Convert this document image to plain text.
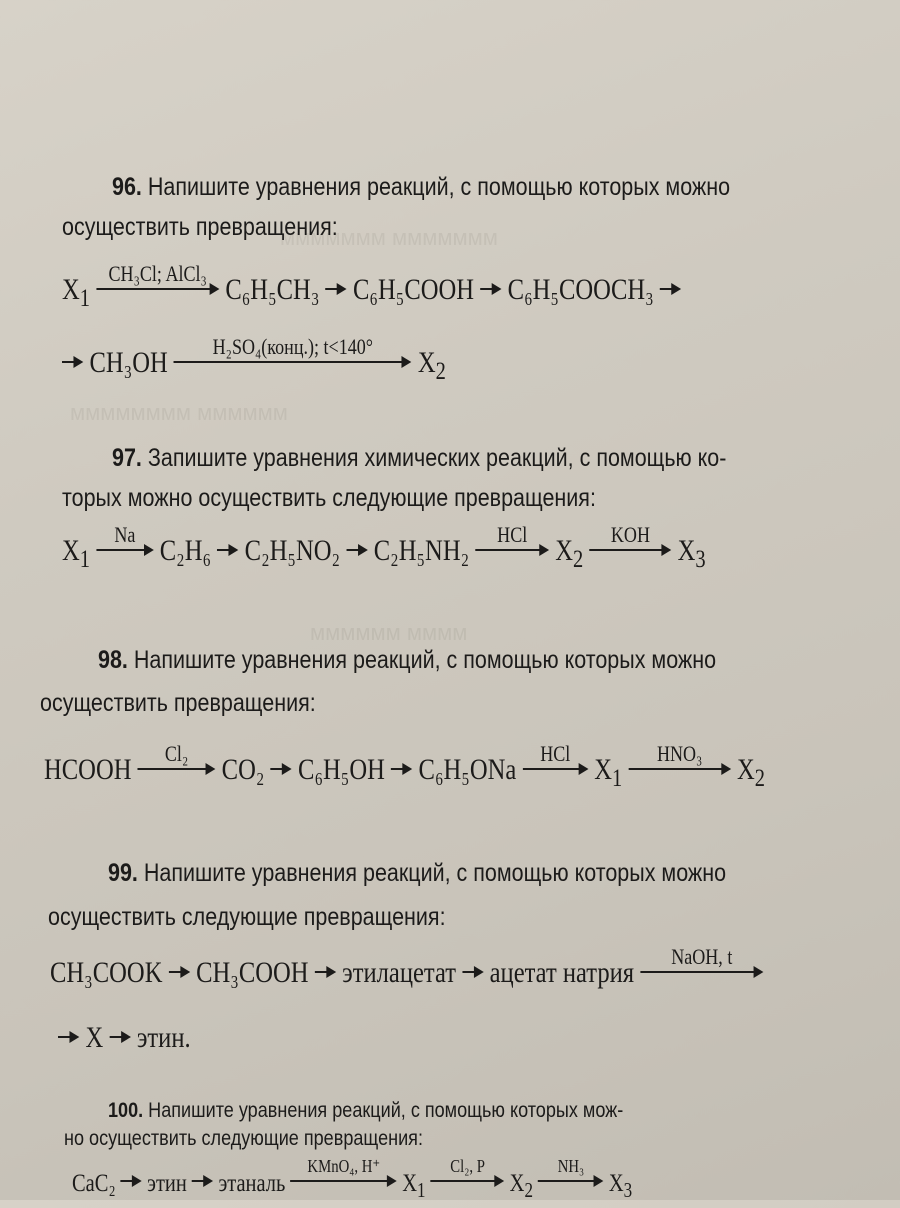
ммммммм ммммммм
мммммммм мммммм
мммммм мммм
96. Напишите уравнения реакций, с помощью которых можно
осуществить превращения:
$X_1$
CH₃Cl; AlCl₃ C₆H₅CH₃ C₆H₅COOH C₆H₅COOCH₃
CH₃OH	H₂SO₄(конц.); t<140°	$X_2$
97. Запишите уравнения химических реакций, с помощью ко-
торых можно осуществить следующие превращения:
$X_1$
Na C₂H₆ C₂H₅NO₂ C₂H₅NH₂	HCl $X_2$
KOH $X_3$
98. Напишите уравнения реакций, с помощью которых можно
осуществить превращения:
HCOOH	Cl₂	CO₂ C₆H₅OH C₆H₅ONa	HCl $X_1$
HNO₃	$X_2$
99. Напишите уравнения реакций, с помощью которых можно
осуществить следующие превращения:
CH₃COOK CH₃COOH этилацетат ацетат натрия	NaOH, t
X этин.
100. Напишите уравнения реакций, с помощью которых мож-
но осуществить следующие превращения:
CaC₂ этин этаналь
KMnO₄, H⁺
$X_1$
Cl₂, P
$X_2$
NH₃
$X_3$
